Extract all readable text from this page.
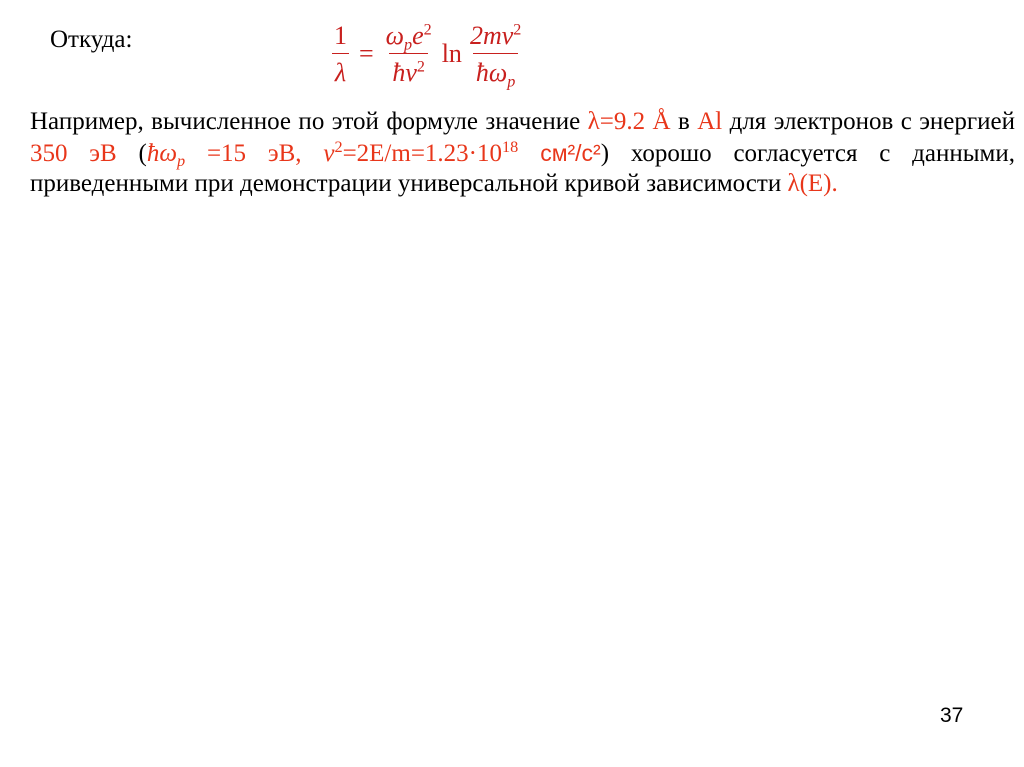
Откуда:	$\frac{1}{\lambda} = \frac{\omega_pe^2}{ħ\nu^2}$ $\ln \frac{2mv^2}{ħ\omega_p}$
Например, вычисленное по этой формуле значение λ=9.2 Å в Al для электронов с энергией 350 эВ ($ħ\omega_p =15$ эВ, $v^2=2E/m=1.23\cdot 10^{18}$ см²/с²) хорошо согласуется с данными, приведенными при демонстрации универсальной кривой зависимости λ(E).
37
